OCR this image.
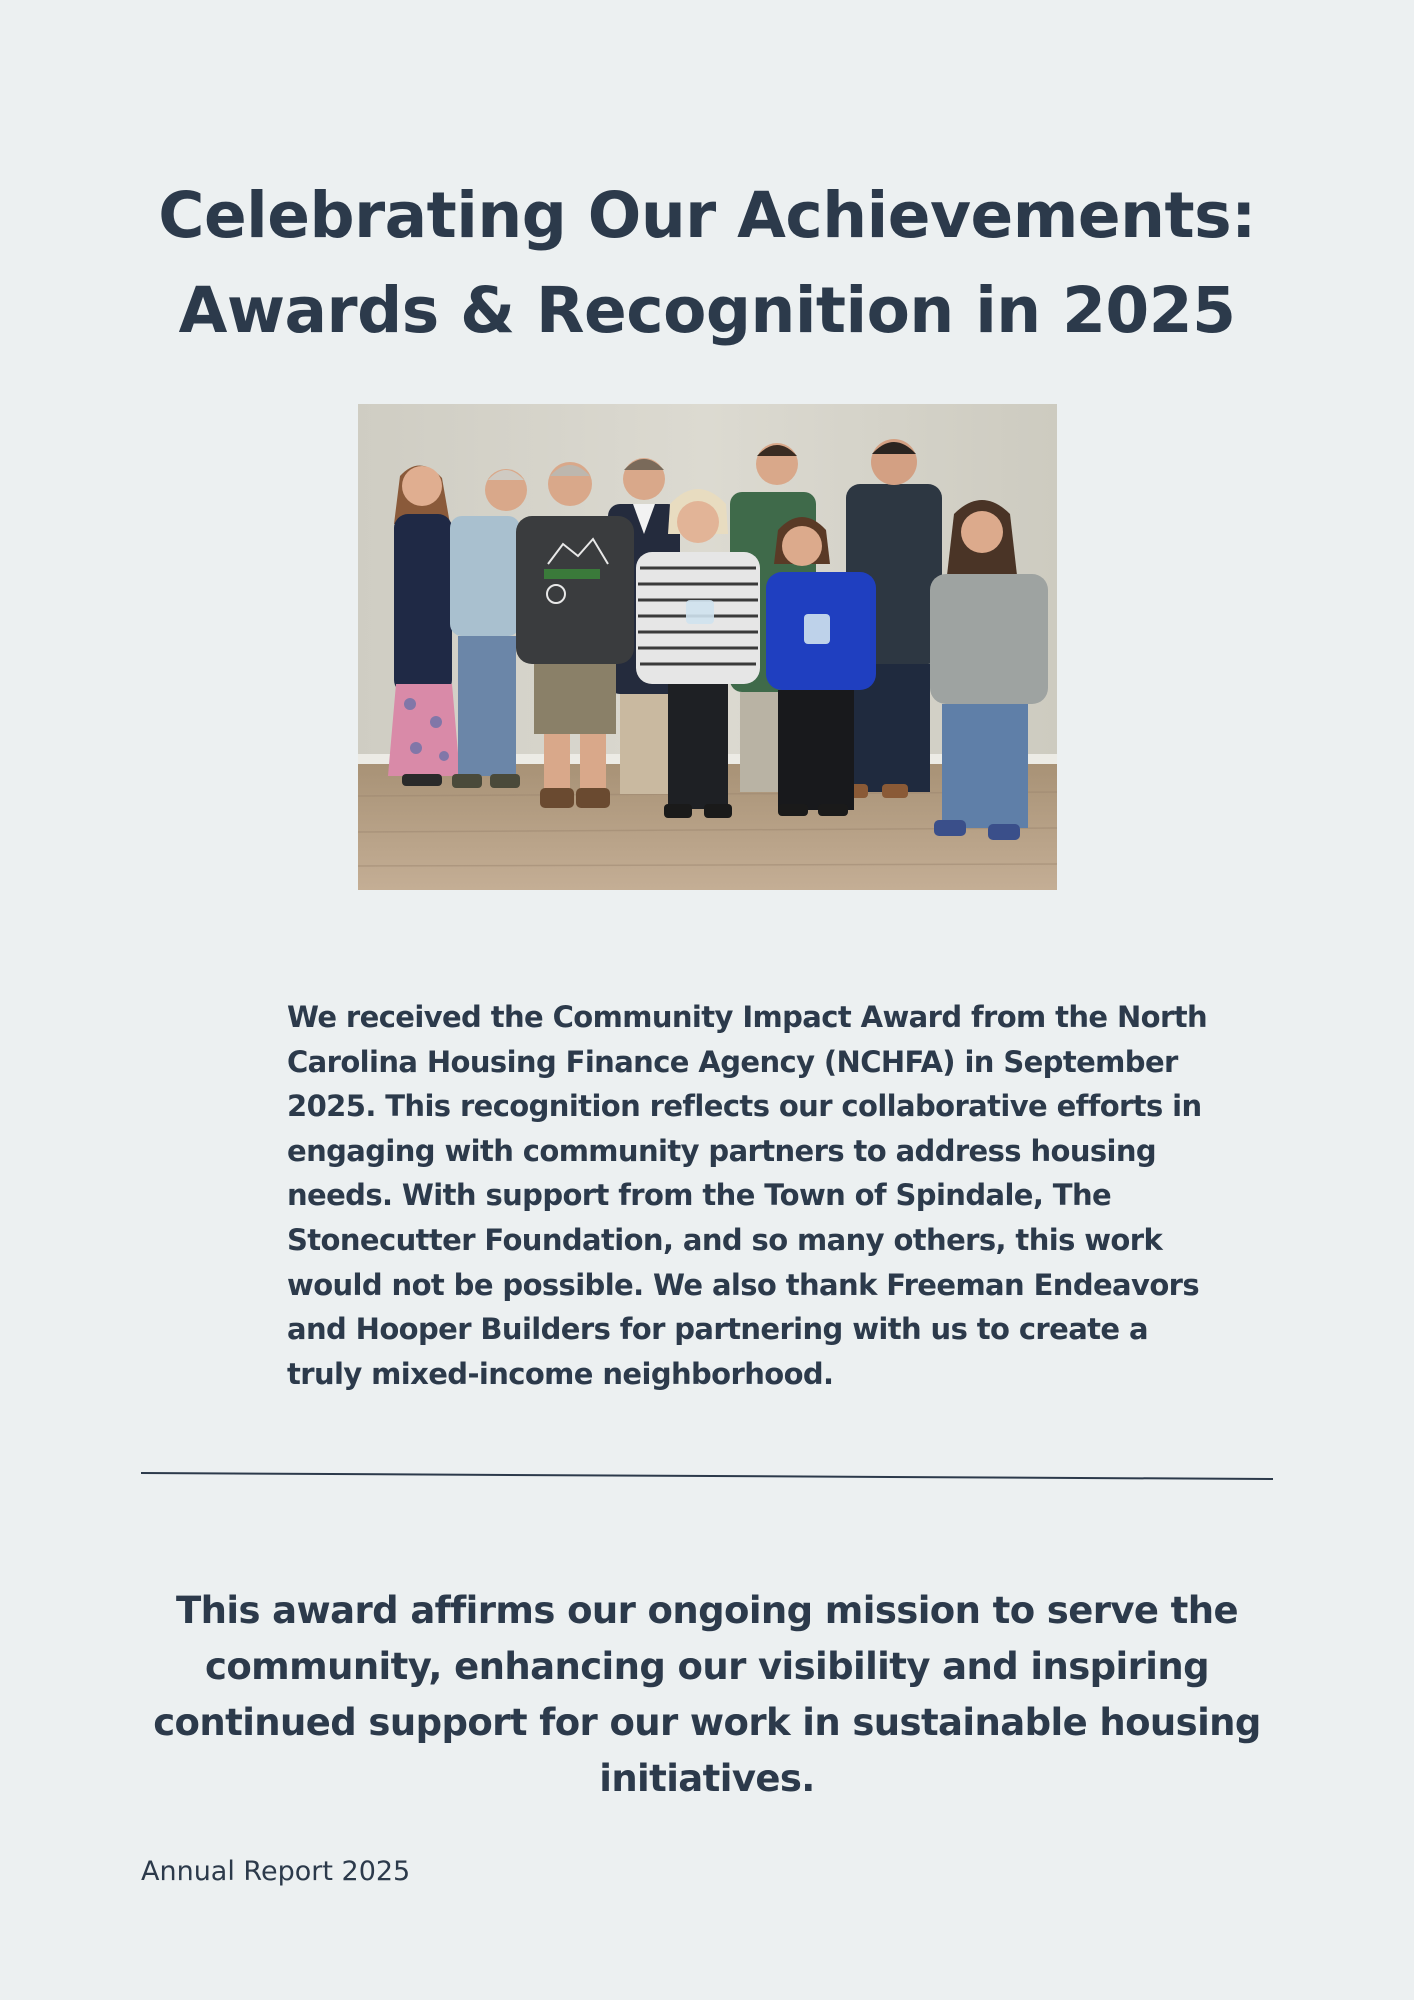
Celebrating Our Achievements:
Awards & Recognition in 2025

We received the Community Impact Award from the North Carolina Housing Finance Agency (NCHFA) in September 2025. This recognition reflects our collaborative efforts in engaging with community partners to address housing needs. With support from the Town of Spindale, The Stonecutter Foundation, and so many others, this work would not be possible. We also thank Freeman Endeavors and Hooper Builders for partnering with us to create a truly mixed-income neighborhood.

This award affirms our ongoing mission to serve the community, enhancing our visibility and inspiring continued support for our work in sustainable housing initiatives.

Annual Report 2025
